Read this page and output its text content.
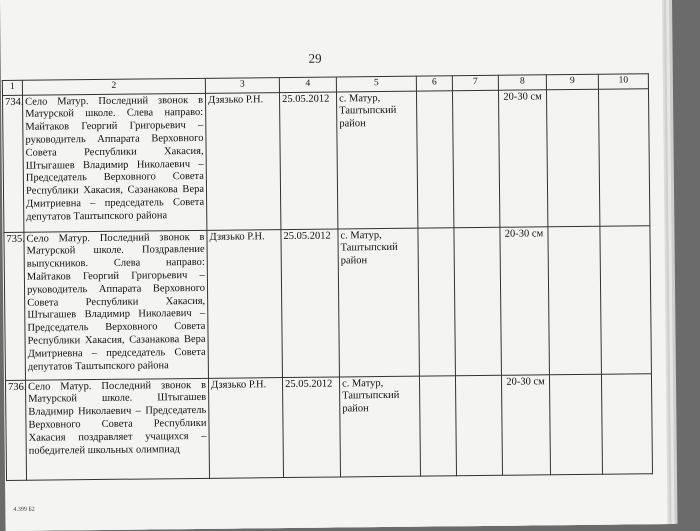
29
1	2	3	4	5	6	7	8	9	10
734.	Село Матур. Последний звонок в Матурской школе. Слева направо: Майтаков Георгий Григорьевич – руководитель Аппарата Верховного Совета Республики Хакасия, Штыгашев Владимир Николаевич – Председатель Верховного Совета Республики Хакасия, Сазанакова Вера Дмитриевна – председатель Совета депутатов Таштыпского района	Дзязько Р.Н.	25.05.2012	с. Матур, Таштыпский район			20-30 см		
735.	Село Матур. Последний звонок в Матурской школе. Поздравление выпускников. Слева направо: Майтаков Георгий Григорьевич – руководитель Аппарата Верховного Совета Республики Хакасия, Штыгашев Владимир Николаевич – Председатель Верховного Совета Республики Хакасия, Сазанакова Вера Дмитриевна – председатель Совета депутатов Таштыпского района	Дзязько Р.Н.	25.05.2012	с. Матур, Таштыпский район			20-30 см		
736.	Село Матур. Последний звонок в Матурской школе. Штыгашев Владимир Николаевич – Председатель Верховного Совета Республики Хакасия поздравляет учащихся – победителей школьных олимпиад	Дзязько Р.Н.	25.05.2012	с. Матур, Таштыпский район			20-30 см		
4.399 Б2
